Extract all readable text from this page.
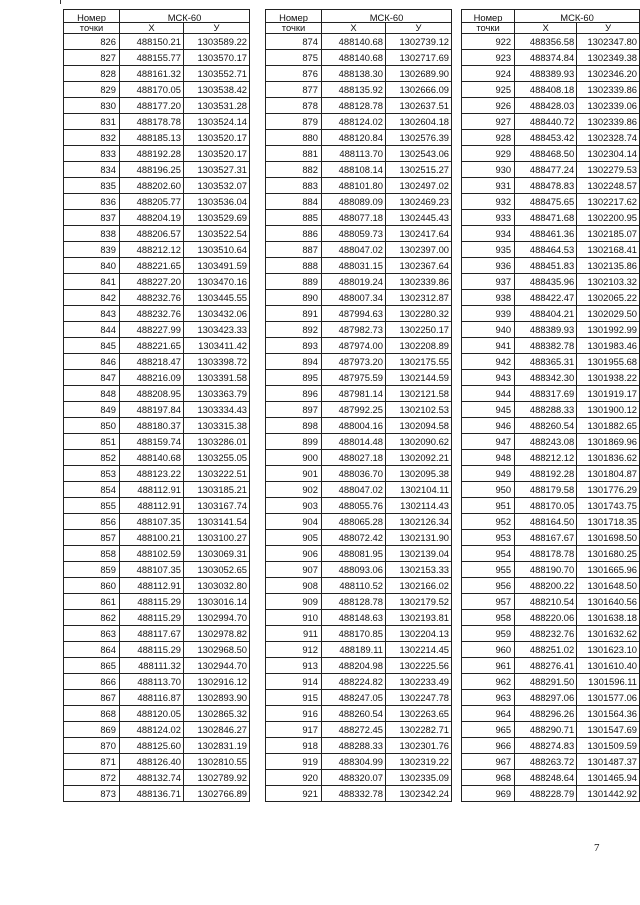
Номер	МСК-60	
точки	X	У
826	488150.21	1303589.22
827	488155.77	1303570.17
828	488161.32	1303552.71
829	488170.05	1303538.42
830	488177.20	1303531.28
831	488178.78	1303524.14
832	488185.13	1303520.17
833	488192.28	1303520.17
834	488196.25	1303527.31
835	488202.60	1303532.07
836	488205.77	1303536.04
837	488204.19	1303529.69
838	488206.57	1303522.54
839	488212.12	1303510.64
840	488221.65	1303491.59
841	488227.20	1303470.16
842	488232.76	1303445.55
843	488232.76	1303432.06
844	488227.99	1303423.33
845	488221.65	1303411.42
846	488218.47	1303398.72
847	488216.09	1303391.58
848	488208.95	1303363.79
849	488197.84	1303334.43
850	488180.37	1303315.38
851	488159.74	1303286.01
852	488140.68	1303255.05
853	488123.22	1303222.51
854	488112.91	1303185.21
855	488112.91	1303167.74
856	488107.35	1303141.54
857	488100.21	1303100.27
858	488102.59	1303069.31
859	488107.35	1303052.65
860	488112.91	1303032.80
861	488115.29	1303016.14
862	488115.29	1302994.70
863	488117.67	1302978.82
864	488115.29	1302968.50
865	488111.32	1302944.70
866	488113.70	1302916.12
867	488116.87	1302893.90
868	488120.05	1302865.32
869	488124.02	1302846.27
870	488125.60	1302831.19
871	488126.40	1302810.55
872	488132.74	1302789.92
873	488136.71	1302766.89
Номер	МСК-60	
точки	X	У
874	488140.68	1302739.12
875	488140.68	1302717.69
876	488138.30	1302689.90
877	488135.92	1302666.09
878	488128.78	1302637.51
879	488124.02	1302604.18
880	488120.84	1302576.39
881	488113.70	1302543.06
882	488108.14	1302515.27
883	488101.80	1302497.02
884	488089.09	1302469.23
885	488077.18	1302445.43
886	488059.73	1302417.64
887	488047.02	1302397.00
888	488031.15	1302367.64
889	488019.24	1302339.86
890	488007.34	1302312.87
891	487994.63	1302280.32
892	487982.73	1302250.17
893	487974.00	1302208.89
894	487973.20	1302175.55
895	487975.59	1302144.59
896	487981.14	1302121.58
897	487992.25	1302102.53
898	488004.16	1302094.58
899	488014.48	1302090.62
900	488027.18	1302092.21
901	488036.70	1302095.38
902	488047.02	1302104.11
903	488055.76	1302114.43
904	488065.28	1302126.34
905	488072.42	1302131.90
906	488081.95	1302139.04
907	488093.06	1302153.33
908	488110.52	1302166.02
909	488128.78	1302179.52
910	488148.63	1302193.81
911	488170.85	1302204.13
912	488189.11	1302214.45
913	488204.98	1302225.56
914	488224.82	1302233.49
915	488247.05	1302247.78
916	488260.54	1302263.65
917	488272.45	1302282.71
918	488288.33	1302301.76
919	488304.99	1302319.22
920	488320.07	1302335.09
921	488332.78	1302342.24
Номер	МСК-60	
точки	X	У
922	488356.58	1302347.80
923	488374.84	1302349.38
924	488389.93	1302346.20
925	488408.18	1302339.86
926	488428.03	1302339.06
927	488440.72	1302339.86
928	488453.42	1302328.74
929	488468.50	1302304.14
930	488477.24	1302279.53
931	488478.83	1302248.57
932	488475.65	1302217.62
933	488471.68	1302200.95
934	488461.36	1302185.07
935	488464.53	1302168.41
936	488451.83	1302135.86
937	488435.96	1302103.32
938	488422.47	1302065.22
939	488404.21	1302029.50
940	488389.93	1301992.99
941	488382.78	1301983.46
942	488365.31	1301955.68
943	488342.30	1301938.22
944	488317.69	1301919.17
945	488288.33	1301900.12
946	488260.54	1301882.65
947	488243.08	1301869.96
948	488212.12	1301836.62
949	488192.28	1301804.87
950	488179.58	1301776.29
951	488170.05	1301743.75
952	488164.50	1301718.35
953	488167.67	1301698.50
954	488178.78	1301680.25
955	488190.70	1301665.96
956	488200.22	1301648.50
957	488210.54	1301640.56
958	488220.06	1301638.18
959	488232.76	1301632.62
960	488251.02	1301623.10
961	488276.41	1301610.40
962	488291.50	1301596.11
963	488297.06	1301577.06
964	488296.26	1301564.36
965	488290.71	1301547.69
966	488274.83	1301509.59
967	488263.72	1301487.37
968	488248.64	1301465.94
969	488228.79	1301442.92
7
